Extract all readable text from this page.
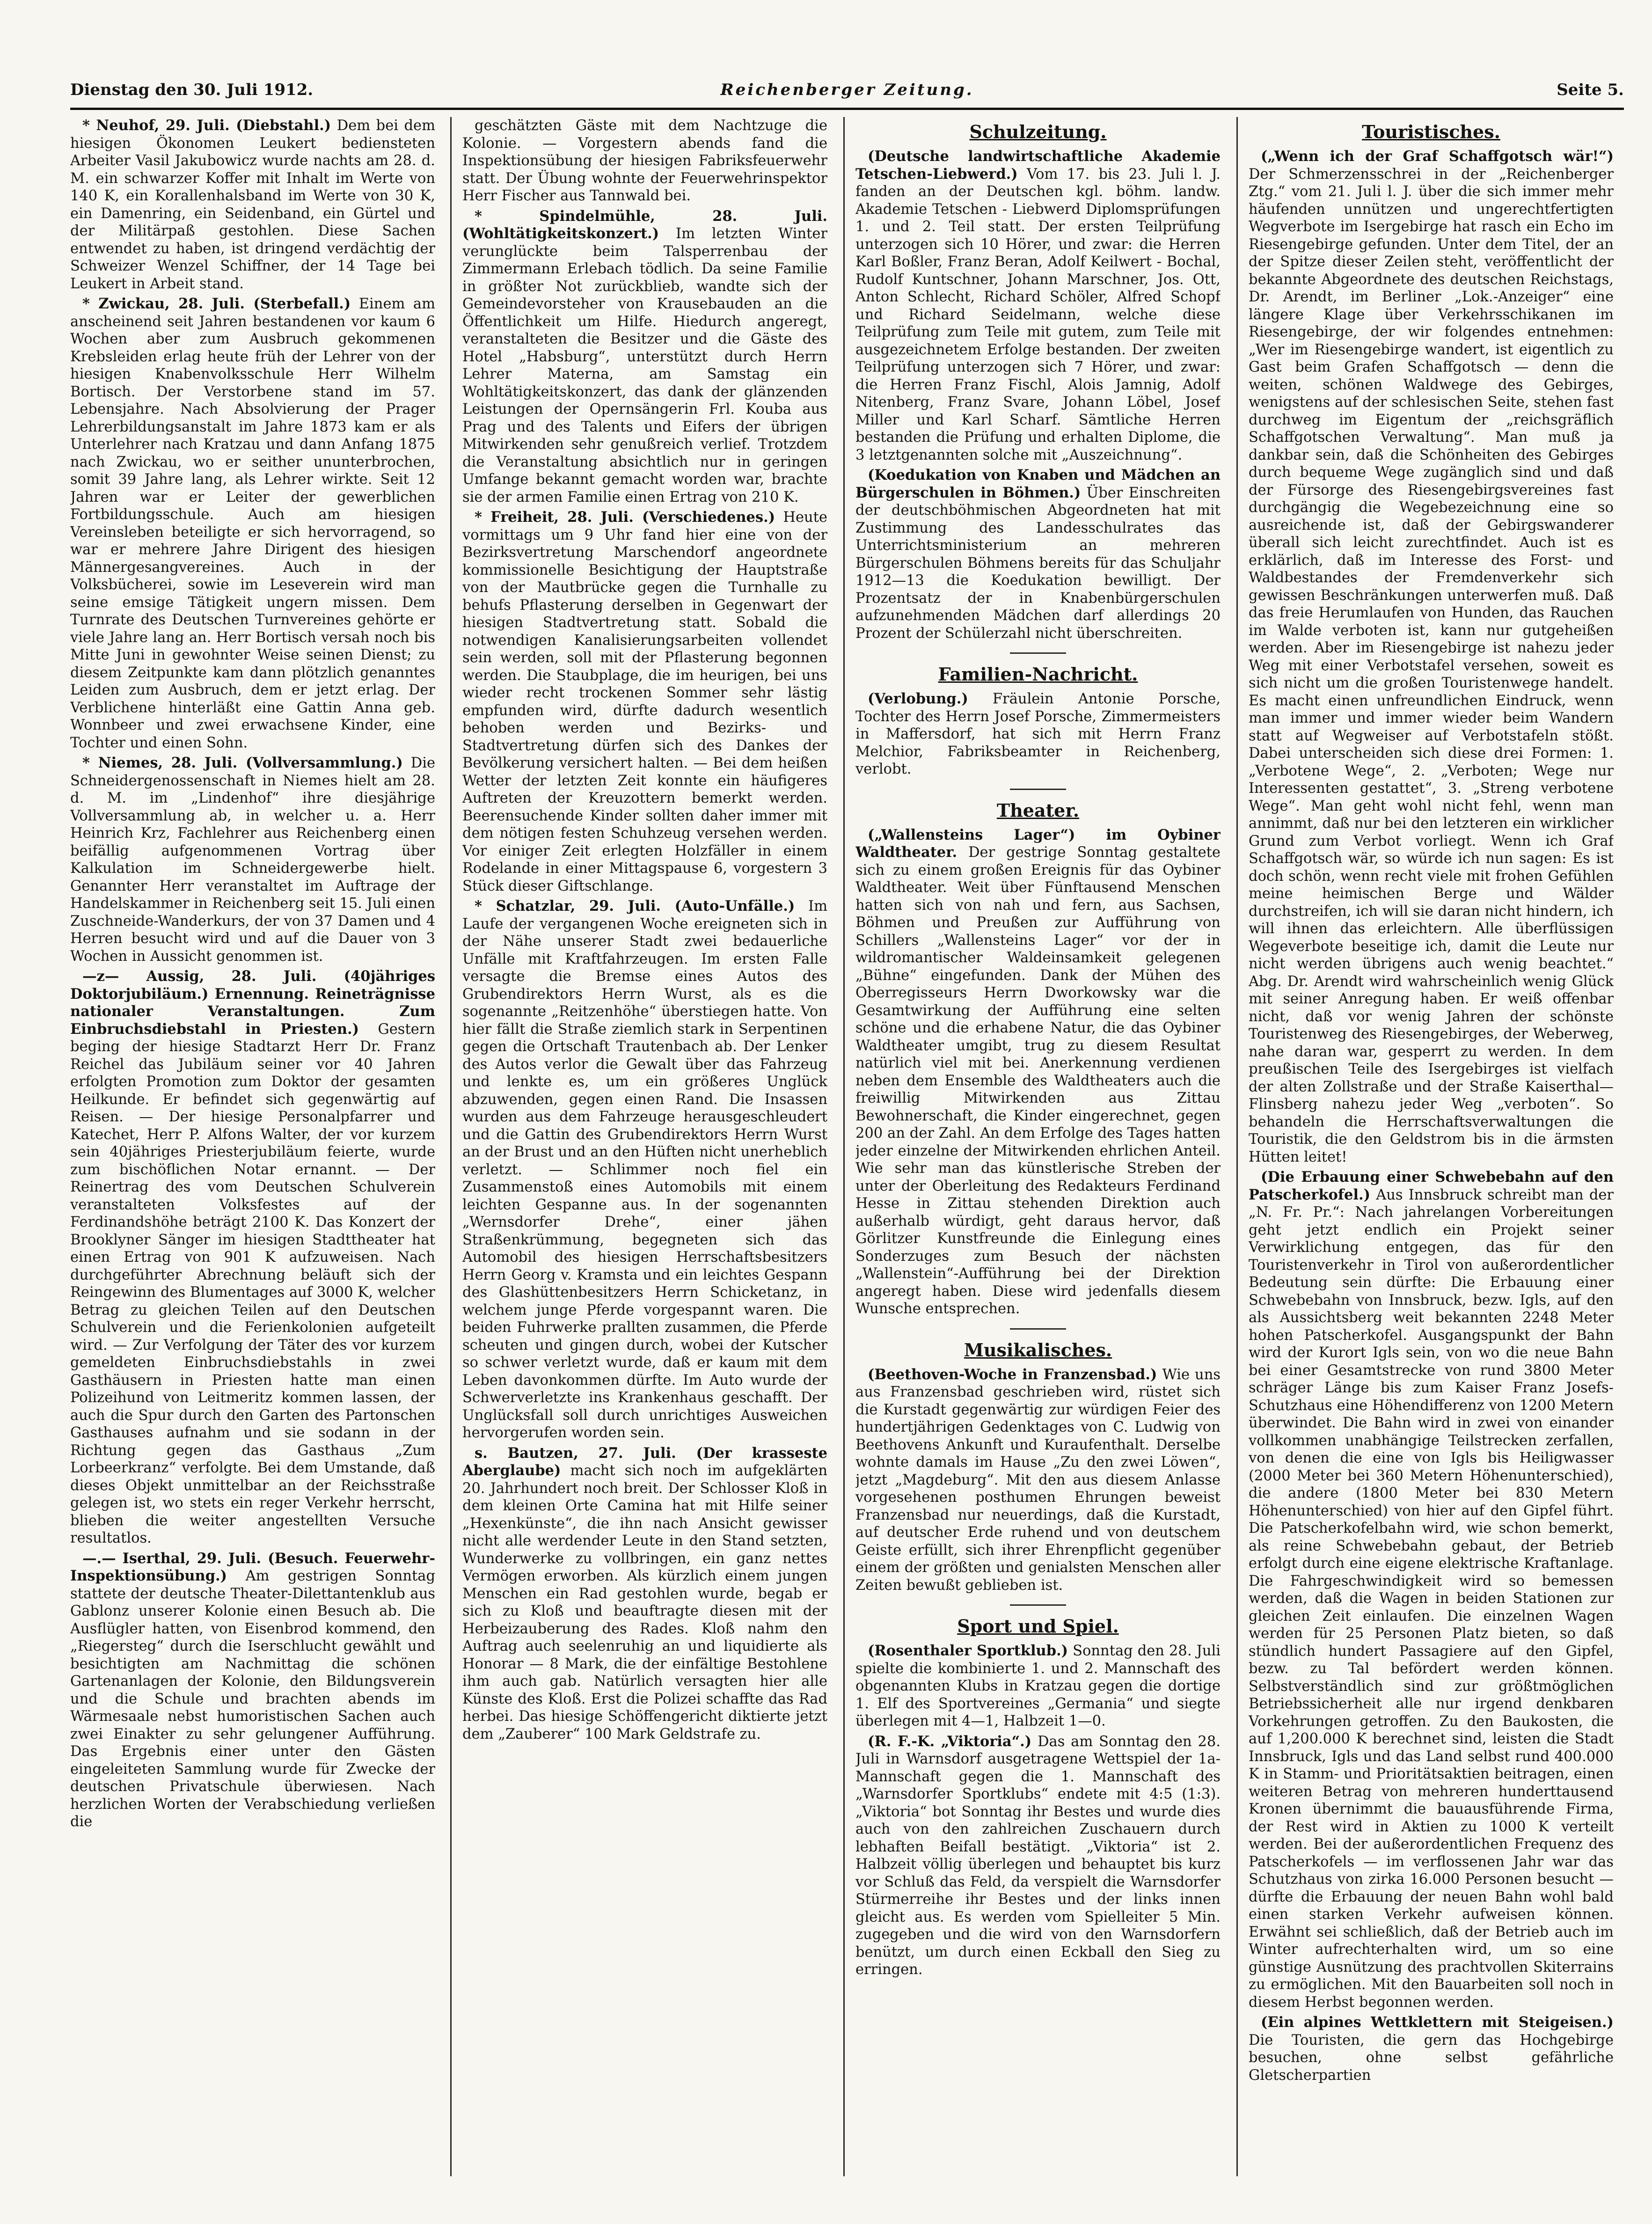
Dienstag den 30. Juli 1912.	Reichenberger Zeitung.	Seite 5.

* Neuhof, 29. Juli. (Diebstahl.) Dem bei dem hiesigen Ökonomen Leukert bediensteten Arbeiter Vasil Jakubowicz wurde nachts am 28. d. M. ein schwarzer Koffer mit Inhalt im Werte von 140 K, ein Korallenhalsband im Werte von 30 K, ein Damenring, ein Seidenband, ein Gürtel und der Militärpaß gestohlen. Diese Sachen entwendet zu haben, ist dringend verdächtig der Schweizer Wenzel Schiffner, der 14 Tage bei Leukert in Arbeit stand.

* Zwickau, 28. Juli. (Sterbefall.) Einem am anscheinend seit Jahren bestandenen vor kaum 6 Wochen aber zum Ausbruch gekommenen Krebsleiden erlag heute früh der Lehrer von der hiesigen Knabenvolksschule Herr Wilhelm Bortisch. Der Verstorbene stand im 57. Lebensjahre. Nach Absolvierung der Prager Lehrerbildungsanstalt im Jahre 1873 kam er als Unterlehrer nach Kratzau und dann Anfang 1875 nach Zwickau, wo er seither ununterbrochen, somit 39 Jahre lang, als Lehrer wirkte. Seit 12 Jahren war er Leiter der gewerblichen Fortbildungsschule. Auch am hiesigen Vereinsleben beteiligte er sich hervorragend, so war er mehrere Jahre Dirigent des hiesigen Männergesangvereines. Auch in der Volksbücherei, sowie im Leseverein wird man seine emsige Tätigkeit ungern missen. Dem Turnrate des Deutschen Turnvereines gehörte er viele Jahre lang an. Herr Bortisch versah noch bis Mitte Juni in gewohnter Weise seinen Dienst; zu diesem Zeitpunkte kam dann plötzlich genanntes Leiden zum Ausbruch, dem er jetzt erlag. Der Verblichene hinterläßt eine Gattin Anna geb. Wonnbeer und zwei erwachsene Kinder, eine Tochter und einen Sohn.

* Niemes, 28. Juli. (Vollversammlung.) Die Schneidergenossenschaft in Niemes hielt am 28. d. M. im „Lindenhof“ ihre diesjährige Vollversammlung ab, in welcher u. a. Herr Heinrich Krz, Fachlehrer aus Reichenberg einen beifällig aufgenommenen Vortrag über Kalkulation im Schneidergewerbe hielt. Genannter Herr veranstaltet im Auftrage der Handelskammer in Reichenberg seit 15. Juli einen Zuschneide-Wanderkurs, der von 37 Damen und 4 Herren besucht wird und auf die Dauer von 3 Wochen in Aussicht genommen ist.

—z— Aussig, 28. Juli. (40jähriges Doktorjubiläum.) Ernennung. Reineträgnisse nationaler Veranstaltungen. Zum Einbruchsdiebstahl in Priesten.) Gestern beging der hiesige Stadtarzt Herr Dr. Franz Reichel das Jubiläum seiner vor 40 Jahren erfolgten Promotion zum Doktor der gesamten Heilkunde. Er befindet sich gegenwärtig auf Reisen. — Der hiesige Personalpfarrer und Katechet, Herr P. Alfons Walter, der vor kurzem sein 40jähriges Priesterjubiläum feierte, wurde zum bischöflichen Notar ernannt. — Der Reinertrag des vom Deutschen Schulverein veranstalteten Volksfestes auf der Ferdinandshöhe beträgt 2100 K. Das Konzert der Brooklyner Sänger im hiesigen Stadttheater hat einen Ertrag von 901 K aufzuweisen. Nach durchgeführter Abrechnung beläuft sich der Reingewinn des Blumentages auf 3000 K, welcher Betrag zu gleichen Teilen auf den Deutschen Schulverein und die Ferienkolonien aufgeteilt wird. — Zur Verfolgung der Täter des vor kurzem gemeldeten Einbruchsdiebstahls in zwei Gasthäusern in Priesten hatte man einen Polizeihund von Leitmeritz kommen lassen, der auch die Spur durch den Garten des Partonschen Gasthauses aufnahm und sie sodann in der Richtung gegen das Gasthaus „Zum Lorbeerkranz“ verfolgte. Bei dem Umstande, daß dieses Objekt unmittelbar an der Reichsstraße gelegen ist, wo stets ein reger Verkehr herrscht, blieben die weiter angestellten Versuche resultatlos.

—.— Iserthal, 29. Juli. (Besuch. Feuerwehr-Inspektionsübung.) Am gestrigen Sonntag stattete der deutsche Theater-Dilettantenklub aus Gablonz unserer Kolonie einen Besuch ab. Die Ausflügler hatten, von Eisenbrod kommend, den „Riegersteg“ durch die Iserschlucht gewählt und besichtigten am Nachmittag die schönen Gartenanlagen der Kolonie, den Bildungsverein und die Schule und brachten abends im Wärmesaale nebst humoristischen Sachen auch zwei Einakter zu sehr gelungener Aufführung. Das Ergebnis einer unter den Gästen eingeleiteten Sammlung wurde für Zwecke der deutschen Privatschule überwiesen. Nach herzlichen Worten der Verabschiedung verließen die

geschätzten Gäste mit dem Nachtzuge die Kolonie. — Vorgestern abends fand die Inspektionsübung der hiesigen Fabriksfeuerwehr statt. Der Übung wohnte der Feuerwehrinspektor Herr Fischer aus Tannwald bei.

* Spindelmühle, 28. Juli. (Wohltätigkeitskonzert.) Im letzten Winter verunglückte beim Talsperrenbau der Zimmermann Erlebach tödlich. Da seine Familie in größter Not zurückblieb, wandte sich der Gemeindevorsteher von Krausebauden an die Öffentlichkeit um Hilfe. Hiedurch angeregt, veranstalteten die Besitzer und die Gäste des Hotel „Habsburg“, unterstützt durch Herrn Lehrer Materna, am Samstag ein Wohltätigkeitskonzert, das dank der glänzenden Leistungen der Opernsängerin Frl. Kouba aus Prag und des Talents und Eifers der übrigen Mitwirkenden sehr genußreich verlief. Trotzdem die Veranstaltung absichtlich nur in geringen Umfange bekannt gemacht worden war, brachte sie der armen Familie einen Ertrag von 210 K.

* Freiheit, 28. Juli. (Verschiedenes.) Heute vormittags um 9 Uhr fand hier eine von der Bezirksvertretung Marschendorf angeordnete kommissionelle Besichtigung der Hauptstraße von der Mautbrücke gegen die Turnhalle zu behufs Pflasterung derselben in Gegenwart der hiesigen Stadtvertretung statt. Sobald die notwendigen Kanalisierungsarbeiten vollendet sein werden, soll mit der Pflasterung begonnen werden. Die Staubplage, die im heurigen, bei uns wieder recht trockenen Sommer sehr lästig empfunden wird, dürfte dadurch wesentlich behoben werden und Bezirks- und Stadtvertretung dürfen sich des Dankes der Bevölkerung versichert halten. — Bei dem heißen Wetter der letzten Zeit konnte ein häufigeres Auftreten der Kreuzottern bemerkt werden. Beerensuchende Kinder sollten daher immer mit dem nötigen festen Schuhzeug versehen werden. Vor einiger Zeit erlegten Holzfäller in einem Rodelande in einer Mittagspause 6, vorgestern 3 Stück dieser Giftschlange.

* Schatzlar, 29. Juli. (Auto-Unfälle.) Im Laufe der vergangenen Woche ereigneten sich in der Nähe unserer Stadt zwei bedauerliche Unfälle mit Kraftfahrzeugen. Im ersten Falle versagte die Bremse eines Autos des Grubendirektors Herrn Wurst, als es die sogenannte „Reitzenhöhe“ überstiegen hatte. Von hier fällt die Straße ziemlich stark in Serpentinen gegen die Ortschaft Trautenbach ab. Der Lenker des Autos verlor die Gewalt über das Fahrzeug und lenkte es, um ein größeres Unglück abzuwenden, gegen einen Rand. Die Insassen wurden aus dem Fahrzeuge herausgeschleudert und die Gattin des Grubendirektors Herrn Wurst an der Brust und an den Hüften nicht unerheblich verletzt. — Schlimmer noch fiel ein Zusammenstoß eines Automobils mit einem leichten Gespanne aus. In der sogenannten „Wernsdorfer Drehe“, einer jähen Straßenkrümmung, begegneten sich das Automobil des hiesigen Herrschaftsbesitzers Herrn Georg v. Kramsta und ein leichtes Gespann des Glashüttenbesitzers Herrn Schicketanz, in welchem junge Pferde vorgespannt waren. Die beiden Fuhrwerke prallten zusammen, die Pferde scheuten und gingen durch, wobei der Kutscher so schwer verletzt wurde, daß er kaum mit dem Leben davonkommen dürfte. Im Auto wurde der Schwerverletzte ins Krankenhaus geschafft. Der Unglücksfall soll durch unrichtiges Ausweichen hervorgerufen worden sein.

s. Bautzen, 27. Juli. (Der krasseste Aberglaube) macht sich noch im aufgeklärten 20. Jahrhundert noch breit. Der Schlosser Kloß in dem kleinen Orte Camina hat mit Hilfe seiner „Hexenkünste“, die ihn nach Ansicht gewisser nicht alle werdender Leute in den Stand setzten, Wunderwerke zu vollbringen, ein ganz nettes Vermögen erworben. Als kürzlich einem jungen Menschen ein Rad gestohlen wurde, begab er sich zu Kloß und beauftragte diesen mit der Herbeizauberung des Rades. Kloß nahm den Auftrag auch seelenruhig an und liquidierte als Honorar — 8 Mark, die der einfältige Bestohlene ihm auch gab. Natürlich versagten hier alle Künste des Kloß. Erst die Polizei schaffte das Rad herbei. Das hiesige Schöffengericht diktierte jetzt dem „Zauberer“ 100 Mark Geldstrafe zu.

Schulzeitung.

(Deutsche landwirtschaftliche Akademie Tetschen-Liebwerd.) Vom 17. bis 23. Juli l. J. fanden an der Deutschen kgl. böhm. landw. Akademie Tetschen - Liebwerd Diplomsprüfungen 1. und 2. Teil statt. Der ersten Teilprüfung unterzogen sich 10 Hörer, und zwar: die Herren Karl Boßler, Franz Beran, Adolf Keilwert - Bochal, Rudolf Kuntschner, Johann Marschner, Jos. Ott, Anton Schlecht, Richard Schöler, Alfred Schopf und Richard Seidelmann, welche diese Teilprüfung zum Teile mit gutem, zum Teile mit ausgezeichnetem Erfolge bestanden. Der zweiten Teilprüfung unterzogen sich 7 Hörer, und zwar: die Herren Franz Fischl, Alois Jamnig, Adolf Nitenberg, Franz Svare, Johann Löbel, Josef Miller und Karl Scharf. Sämtliche Herren bestanden die Prüfung und erhalten Diplome, die 3 letztgenannten solche mit „Auszeichnung“.

(Koedukation von Knaben und Mädchen an Bürgerschulen in Böhmen.) Über Einschreiten der deutschböhmischen Abgeordneten hat mit Zustimmung des Landesschulrates das Unterrichtsministerium an mehreren Bürgerschulen Böhmens bereits für das Schuljahr 1912—13 die Koedukation bewilligt. Der Prozentsatz der in Knabenbürgerschulen aufzunehmenden Mädchen darf allerdings 20 Prozent der Schülerzahl nicht überschreiten.

Familien-Nachricht.

(Verlobung.) Fräulein Antonie Porsche, Tochter des Herrn Josef Porsche, Zimmermeisters in Maffersdorf, hat sich mit Herrn Franz Melchior, Fabriksbeamter in Reichenberg, verlobt.

Theater.

(„Wallensteins Lager“) im Oybiner Waldtheater. Der gestrige Sonntag gestaltete sich zu einem großen Ereignis für das Oybiner Waldtheater. Weit über Fünftausend Menschen hatten sich von nah und fern, aus Sachsen, Böhmen und Preußen zur Aufführung von Schillers „Wallensteins Lager“ vor der in wildromantischer Waldeinsamkeit gelegenen „Bühne“ eingefunden. Dank der Mühen des Oberregisseurs Herrn Dworkowsky war die Gesamtwirkung der Aufführung eine selten schöne und die erhabene Natur, die das Oybiner Waldtheater umgibt, trug zu diesem Resultat natürlich viel mit bei. Anerkennung verdienen neben dem Ensemble des Waldtheaters auch die freiwillig Mitwirkenden aus Zittau Bewohnerschaft, die Kinder eingerechnet, gegen 200 an der Zahl. An dem Erfolge des Tages hatten jeder einzelne der Mitwirkenden ehrlichen Anteil. Wie sehr man das künstlerische Streben der unter der Oberleitung des Redakteurs Ferdinand Hesse in Zittau stehenden Direktion auch außerhalb würdigt, geht daraus hervor, daß Görlitzer Kunstfreunde die Einlegung eines Sonderzuges zum Besuch der nächsten „Wallenstein“-Aufführung bei der Direktion angeregt haben. Diese wird jedenfalls diesem Wunsche entsprechen.

Musikalisches.

(Beethoven-Woche in Franzensbad.) Wie uns aus Franzensbad geschrieben wird, rüstet sich die Kurstadt gegenwärtig zur würdigen Feier des hundertjährigen Gedenktages von C. Ludwig von Beethovens Ankunft und Kuraufenthalt. Derselbe wohnte damals im Hause „Zu den zwei Löwen“, jetzt „Magdeburg“. Mit den aus diesem Anlasse vorgesehenen posthumen Ehrungen beweist Franzensbad nur neuerdings, daß die Kurstadt, auf deutscher Erde ruhend und von deutschem Geiste erfüllt, sich ihrer Ehrenpflicht gegenüber einem der größten und genialsten Menschen aller Zeiten bewußt geblieben ist.

Sport und Spiel.

(Rosenthaler Sportklub.) Sonntag den 28. Juli spielte die kombinierte 1. und 2. Mannschaft des obgenannten Klubs in Kratzau gegen die dortige 1. Elf des Sportvereines „Germania“ und siegte überlegen mit 4—1, Halbzeit 1—0.

(R. F.-K. „Viktoria“.) Das am Sonntag den 28. Juli in Warnsdorf ausgetragene Wettspiel der 1a-Mannschaft gegen die 1. Mannschaft des „Warnsdorfer Sportklubs“ endete mit 4:5 (1:3). „Viktoria“ bot Sonntag ihr Bestes und wurde dies auch von den zahlreichen Zuschauern durch lebhaften Beifall bestätigt. „Viktoria“ ist 2. Halbzeit völlig überlegen und behauptet bis kurz vor Schluß das Feld, da verspielt die Warnsdorfer Stürmerreihe ihr Bestes und der links innen gleicht aus. Es werden vom Spielleiter 5 Min. zugegeben und die wird von den Warnsdorfern benützt, um durch einen Eckball den Sieg zu erringen.

Touristisches.

(„Wenn ich der Graf Schaffgotsch wär!“) Der Schmerzensschrei in der „Reichenberger Ztg.“ vom 21. Juli l. J. über die sich immer mehr häufenden unnützen und ungerechtfertigten Wegverbote im Isergebirge hat rasch ein Echo im Riesengebirge gefunden. Unter dem Titel, der an der Spitze dieser Zeilen steht, veröffentlicht der bekannte Abgeordnete des deutschen Reichstags, Dr. Arendt, im Berliner „Lok.-Anzeiger“ eine längere Klage über Verkehrsschikanen im Riesengebirge, der wir folgendes entnehmen: „Wer im Riesengebirge wandert, ist eigentlich zu Gast beim Grafen Schaffgotsch — denn die weiten, schönen Waldwege des Gebirges, wenigstens auf der schlesischen Seite, stehen fast durchweg im Eigentum der „reichsgräflich Schaffgotschen Verwaltung“. Man muß ja dankbar sein, daß die Schönheiten des Gebirges durch bequeme Wege zugänglich sind und daß der Fürsorge des Riesengebirgsvereines fast durchgängig die Wegebezeichnung eine so ausreichende ist, daß der Gebirgswanderer überall sich leicht zurechtfindet. Auch ist es erklärlich, daß im Interesse des Forst- und Waldbestandes der Fremdenverkehr sich gewissen Beschränkungen unterwerfen muß. Daß das freie Herumlaufen von Hunden, das Rauchen im Walde verboten ist, kann nur gutgeheißen werden. Aber im Riesengebirge ist nahezu jeder Weg mit einer Verbotstafel versehen, soweit es sich nicht um die großen Touristenwege handelt. Es macht einen unfreundlichen Eindruck, wenn man immer und immer wieder beim Wandern statt auf Wegweiser auf Verbotstafeln stößt. Dabei unterscheiden sich diese drei Formen: 1. „Verbotene Wege“, 2. „Verboten; Wege nur Interessenten gestattet“, 3. „Streng verbotene Wege“. Man geht wohl nicht fehl, wenn man annimmt, daß nur bei den letzteren ein wirklicher Grund zum Verbot vorliegt. Wenn ich Graf Schaffgotsch wär, so würde ich nun sagen: Es ist doch schön, wenn recht viele mit frohen Gefühlen meine heimischen Berge und Wälder durchstreifen, ich will sie daran nicht hindern, ich will ihnen das erleichtern. Alle überflüssigen Wegeverbote beseitige ich, damit die Leute nur nicht werden übrigens auch wenig beachtet.“ Abg. Dr. Arendt wird wahrscheinlich wenig Glück mit seiner Anregung haben. Er weiß offenbar nicht, daß vor wenig Jahren der schönste Touristenweg des Riesengebirges, der Weberweg, nahe daran war, gesperrt zu werden. In dem preußischen Teile des Isergebirges ist vielfach der alten Zollstraße und der Straße Kaiserthal—Flinsberg nahezu jeder Weg „verboten“. So behandeln die Herrschaftsverwaltungen die Touristik, die den Geldstrom bis in die ärmsten Hütten leitet!

(Die Erbauung einer Schwebebahn auf den Patscherkofel.) Aus Innsbruck schreibt man der „N. Fr. Pr.“: Nach jahrelangen Vorbereitungen geht jetzt endlich ein Projekt seiner Verwirklichung entgegen, das für den Touristenverkehr in Tirol von außerordentlicher Bedeutung sein dürfte: Die Erbauung einer Schwebebahn von Innsbruck, bezw. Igls, auf den als Aussichtsberg weit bekannten 2248 Meter hohen Patscherkofel. Ausgangspunkt der Bahn wird der Kurort Igls sein, von wo die neue Bahn bei einer Gesamtstrecke von rund 3800 Meter schräger Länge bis zum Kaiser Franz Josefs-Schutzhaus eine Höhendifferenz von 1200 Metern überwindet. Die Bahn wird in zwei von einander vollkommen unabhängige Teilstrecken zerfallen, von denen die eine von Igls bis Heiligwasser (2000 Meter bei 360 Metern Höhenunterschied), die andere (1800 Meter bei 830 Metern Höhenunterschied) von hier auf den Gipfel führt. Die Patscherkofelbahn wird, wie schon bemerkt, als reine Schwebebahn gebaut, der Betrieb erfolgt durch eine eigene elektrische Kraftanlage. Die Fahrgeschwindigkeit wird so bemessen werden, daß die Wagen in beiden Stationen zur gleichen Zeit einlaufen. Die einzelnen Wagen werden für 25 Personen Platz bieten, so daß stündlich hundert Passagiere auf den Gipfel, bezw. zu Tal befördert werden können. Selbstverständlich sind zur größtmöglichen Betriebssicherheit alle nur irgend denkbaren Vorkehrungen getroffen. Zu den Baukosten, die auf 1,200.000 K berechnet sind, leisten die Stadt Innsbruck, Igls und das Land selbst rund 400.000 K in Stamm- und Prioritätsaktien beitragen, einen weiteren Betrag von mehreren hunderttausend Kronen übernimmt die bauausführende Firma, der Rest wird in Aktien zu 1000 K verteilt werden. Bei der außerordentlichen Frequenz des Patscherkofels — im verflossenen Jahr war das Schutzhaus von zirka 16.000 Personen besucht — dürfte die Erbauung der neuen Bahn wohl bald einen starken Verkehr aufweisen können. Erwähnt sei schließlich, daß der Betrieb auch im Winter aufrechterhalten wird, um so eine günstige Ausnützung des prachtvollen Skiterrains zu ermöglichen. Mit den Bauarbeiten soll noch in diesem Herbst begonnen werden.

(Ein alpines Wettklettern mit Steigeisen.) Die Touristen, die gern das Hochgebirge besuchen, ohne selbst gefährliche Gletscherpartien
